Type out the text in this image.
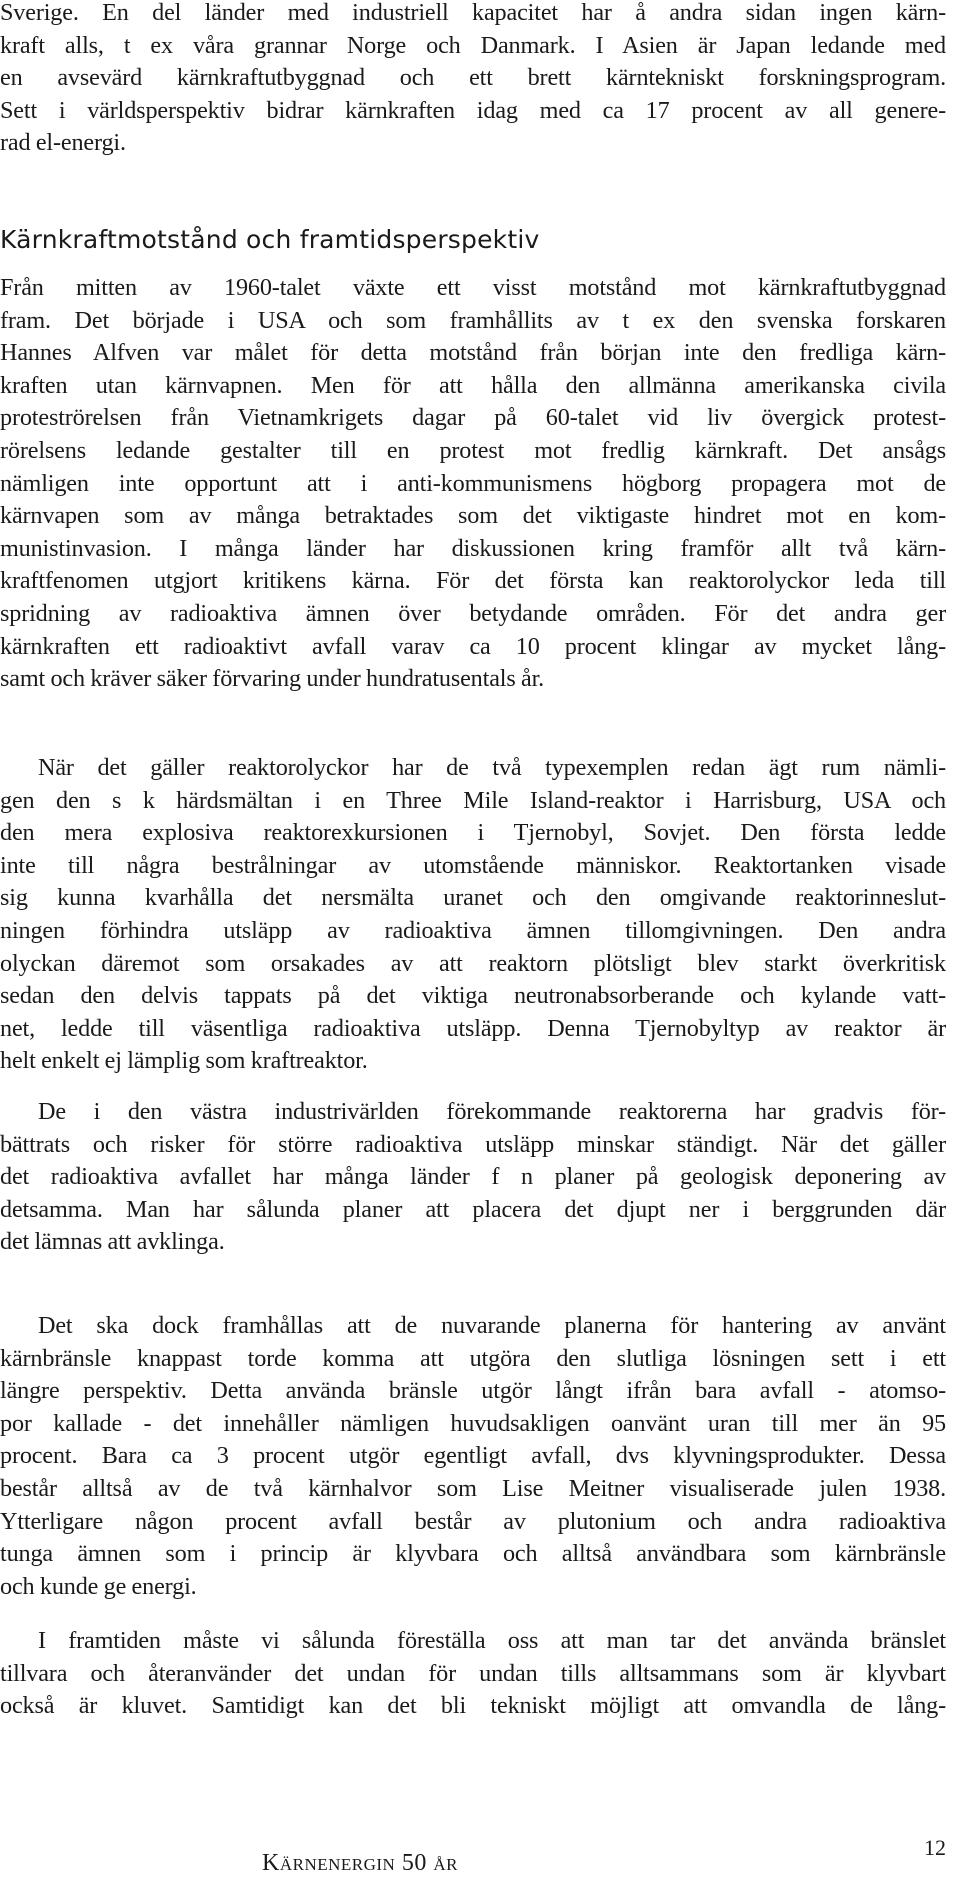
Sverige. En del länder med industriell kapacitet har å andra sidan ingen kärn-
kraft alls, t ex våra grannar Norge och Danmark. I Asien är Japan ledande med
en avsevärd kärnkraftutbyggnad och ett brett kärntekniskt forskningsprogram.
Sett i världsperspektiv bidrar kärnkraften idag med ca 17 procent av all genere-
rad el-energi.

Kärnkraftmotstånd och framtidsperspektiv

Från mitten av 1960-talet växte ett visst motstånd mot kärnkraftutbyggnad
fram. Det började i USA och som framhållits av t ex den svenska forskaren
Hannes Alfven var målet för detta motstånd från början inte den fredliga kärn-
kraften utan kärnvapnen. Men för att hålla den allmänna amerikanska civila
proteströrelsen från Vietnamkrigets dagar på 60-talet vid liv övergick protest-
rörelsens ledande gestalter till en protest mot fredlig kärnkraft. Det ansågs
nämligen inte opportunt att i anti-kommunismens högborg propagera mot de
kärnvapen som av många betraktades som det viktigaste hindret mot en kom-
munistinvasion. I många länder har diskussionen kring framför allt två kärn-
kraftfenomen utgjort kritikens kärna. För det första kan reaktorolyckor leda till
spridning av radioaktiva ämnen över betydande områden. För det andra ger
kärnkraften ett radioaktivt avfall varav ca 10 procent klingar av mycket lång-
samt och kräver säker förvaring under hundratusentals år.

När det gäller reaktorolyckor har de två typexemplen redan ägt rum nämli-
gen den s k härdsmältan i en Three Mile Island-reaktor i Harrisburg, USA och
den mera explosiva reaktorexkursionen i Tjernobyl, Sovjet. Den första ledde
inte till några bestrålningar av utomstående människor. Reaktortanken visade
sig kunna kvarhålla det nersmälta uranet och den omgivande reaktorinneslut-
ningen förhindra utsläpp av radioaktiva ämnen tillomgivningen. Den andra
olyckan däremot som orsakades av att reaktorn plötsligt blev starkt överkritisk
sedan den delvis tappats på det viktiga neutronabsorberande och kylande vatt-
net, ledde till väsentliga radioaktiva utsläpp. Denna Tjernobyltyp av reaktor är
helt enkelt ej lämplig som kraftreaktor.

De i den västra industrivärlden förekommande reaktorerna har gradvis för-
bättrats och risker för större radioaktiva utsläpp minskar ständigt. När det gäller
det radioaktiva avfallet har många länder f n planer på geologisk deponering av
detsamma. Man har sålunda planer att placera det djupt ner i berggrunden där
det lämnas att avklinga.

Det ska dock framhållas att de nuvarande planerna för hantering av använt
kärnbränsle knappast torde komma att utgöra den slutliga lösningen sett i ett
längre perspektiv. Detta använda bränsle utgör långt ifrån bara avfall - atomso-
por kallade - det innehåller nämligen huvudsakligen oanvänt uran till mer än 95
procent. Bara ca 3 procent utgör egentligt avfall, dvs klyvningsprodukter. Dessa
består alltså av de två kärnhalvor som Lise Meitner visualiserade julen 1938.
Ytterligare någon procent avfall består av plutonium och andra radioaktiva
tunga ämnen som i princip är klyvbara och alltså användbara som kärnbränsle
och kunde ge energi.

I framtiden måste vi sålunda föreställa oss att man tar det använda bränslet
tillvara och återanvänder det undan för undan tills alltsammans som är klyvbart
också är kluvet. Samtidigt kan det bli tekniskt möjligt att omvandla de lång-

Kärnenergin 50 år
12
